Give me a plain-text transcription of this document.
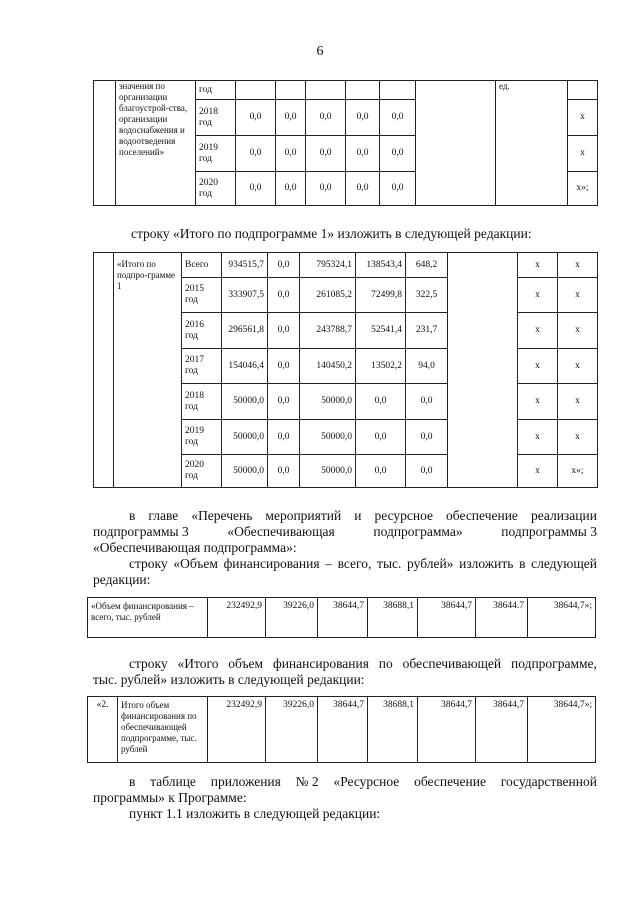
6
	значения по организации благоустрой-ства, организации водоснабжения и водоотведения поселений»	год							ед.	
		2018 год	0,0	0,0	0,0	0,0	0,0			х
		2019 год	0,0	0,0	0,0	0,0	0,0			х
		2020 год	0,0	0,0	0,0	0,0	0,0			х»;
строку «Итого по подпрограмме 1» изложить в следующей редакции:
	«Итого по подпро-грамме 1	Всего	934515,7	0,0	795324,1	138543,4	648,2		х	х
		2015 год	333907,5	0,0	261085,2	72499,8	322,5		х	х
		2016 год	296561,8	0,0	243788,7	52541,4	231,7		х	х
		2017 год	154046,4	0,0	140450,2	13502,2	94,0		х	х
		2018 год	50000,0	0,0	50000,0	0,0	0,0		х	х
		2019 год	50000,0	0,0	50000,0	0,0	0,0		х	х
		2020 год	50000,0	0,0	50000,0	0,0	0,0		х	х»;
в главе «Перечень мероприятий и ресурсное обеспечение реализации
подпрограммы 3	«Обеспечивающая	подпрограмма»	подпрограммы 3
«Обеспечивающая подпрограмма»:
строку «Объем финансирования – всего, тыс. рублей» изложить в следующей
редакции:
«Объем финансирования – всего, тыс. рублей	232492,9	39226,0	38644,7	38688,1	38644,7	38644.7	38644,7»;
строку «Итого объем финансирования по обеспечивающей подпрограмме,
тыс. рублей» изложить в следующей редакции:
«2.	Итого объем финансирования по обеспечивающей подпрограмме, тыс. рублей	232492,9	39226,0	38644,7	38688,1	38644,7	38644,7	38644,7»;
в таблице приложения № 2 «Ресурсное обеспечение государственной
программы» к Программе:
пункт 1.1 изложить в следующей редакции:
